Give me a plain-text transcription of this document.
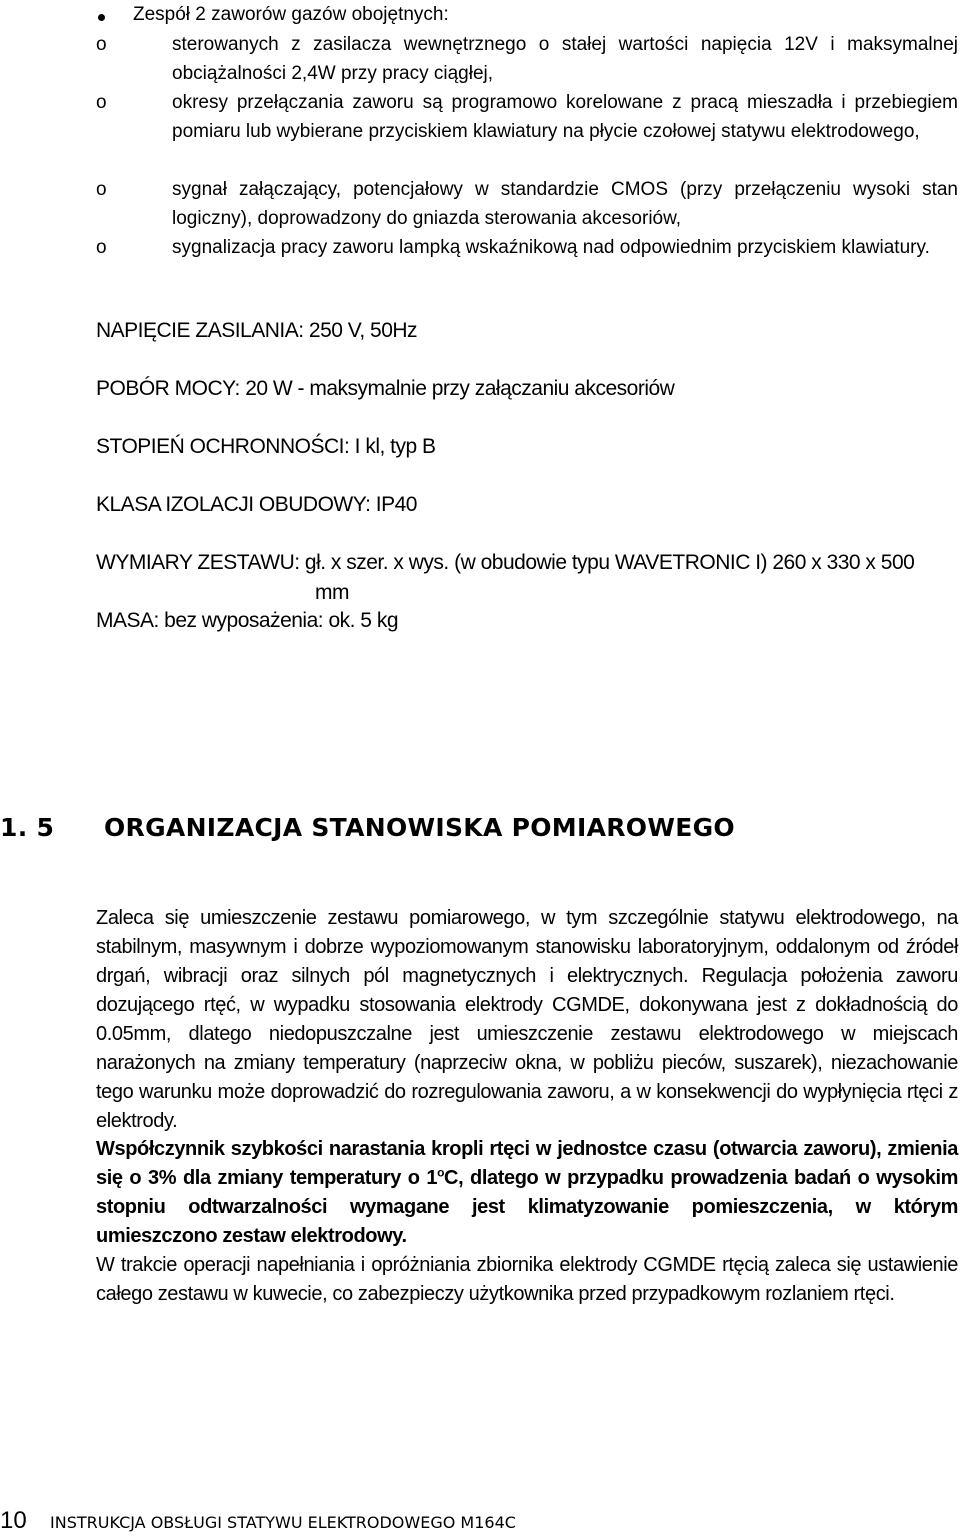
Zespół 2 zaworów gazów obojętnych:
o	sterowanych z zasilacza wewnętrznego o stałej wartości napięcia 12V i maksymalnej obciążalności 2,4W przy pracy ciągłej,
o	okresy przełączania zaworu są programowo korelowane z pracą mieszadła i przebiegiem pomiaru lub wybierane przyciskiem klawiatury na płycie czołowej statywu elektrodowego,
o	sygnał załączający, potencjałowy w standardzie CMOS (przy przełączeniu wysoki stan logiczny), doprowadzony do gniazda sterowania akcesoriów,
o	sygnalizacja pracy zaworu lampką wskaźnikową nad odpowiednim przyciskiem klawiatury.
NAPIĘCIE ZASILANIA: 250 V, 50Hz
POBÓR MOCY: 20 W - maksymalnie przy załączaniu akcesoriów
STOPIEŃ OCHRONNOŚCI: I kl, typ B
KLASA IZOLACJI OBUDOWY: IP40
WYMIARY ZESTAWU: gł. x szer. x wys. (w obudowie typu WAVETRONIC I) 260 x 330 x 500
mm
MASA: bez wyposażenia: ok. 5 kg
1. 5 ORGANIZACJA STANOWISKA POMIAROWEGO
Zaleca się umieszczenie zestawu pomiarowego, w tym szczególnie statywu elektrodowego, na stabilnym, masywnym i dobrze wypoziomowanym stanowisku laboratoryjnym, oddalonym od źródeł drgań, wibracji oraz silnych pól magnetycznych i elektrycznych. Regulacja położenia zaworu dozującego rtęć, w wypadku stosowania elektrody CGMDE, dokonywana jest z dokładnością do 0.05mm, dlatego niedopuszczalne jest umieszczenie zestawu elektrodowego w miejscach narażonych na zmiany temperatury (naprzeciw okna, w pobliżu pieców, suszarek), niezachowanie tego warunku może doprowadzić do rozregulowania zaworu, a w konsekwencji do wypłynięcia rtęci z elektrody.
Współczynnik szybkości narastania kropli rtęci w jednostce czasu (otwarcia zaworu), zmienia się o 3% dla zmiany temperatury o 1$^o$C, dlatego w przypadku prowadzenia badań o wysokim stopniu odtwarzalności wymagane jest klimatyzowanie pomieszczenia, w którym umieszczono zestaw elektrodowy.
W trakcie operacji napełniania i opróżniania zbiornika elektrody CGMDE rtęcią zaleca się ustawienie całego zestawu w kuwecie, co zabezpieczy użytkownika przed przypadkowym rozlaniem rtęci.
10 INSTRUKCJA OBSŁUGI STATYWU ELEKTRODOWEGO M164C
